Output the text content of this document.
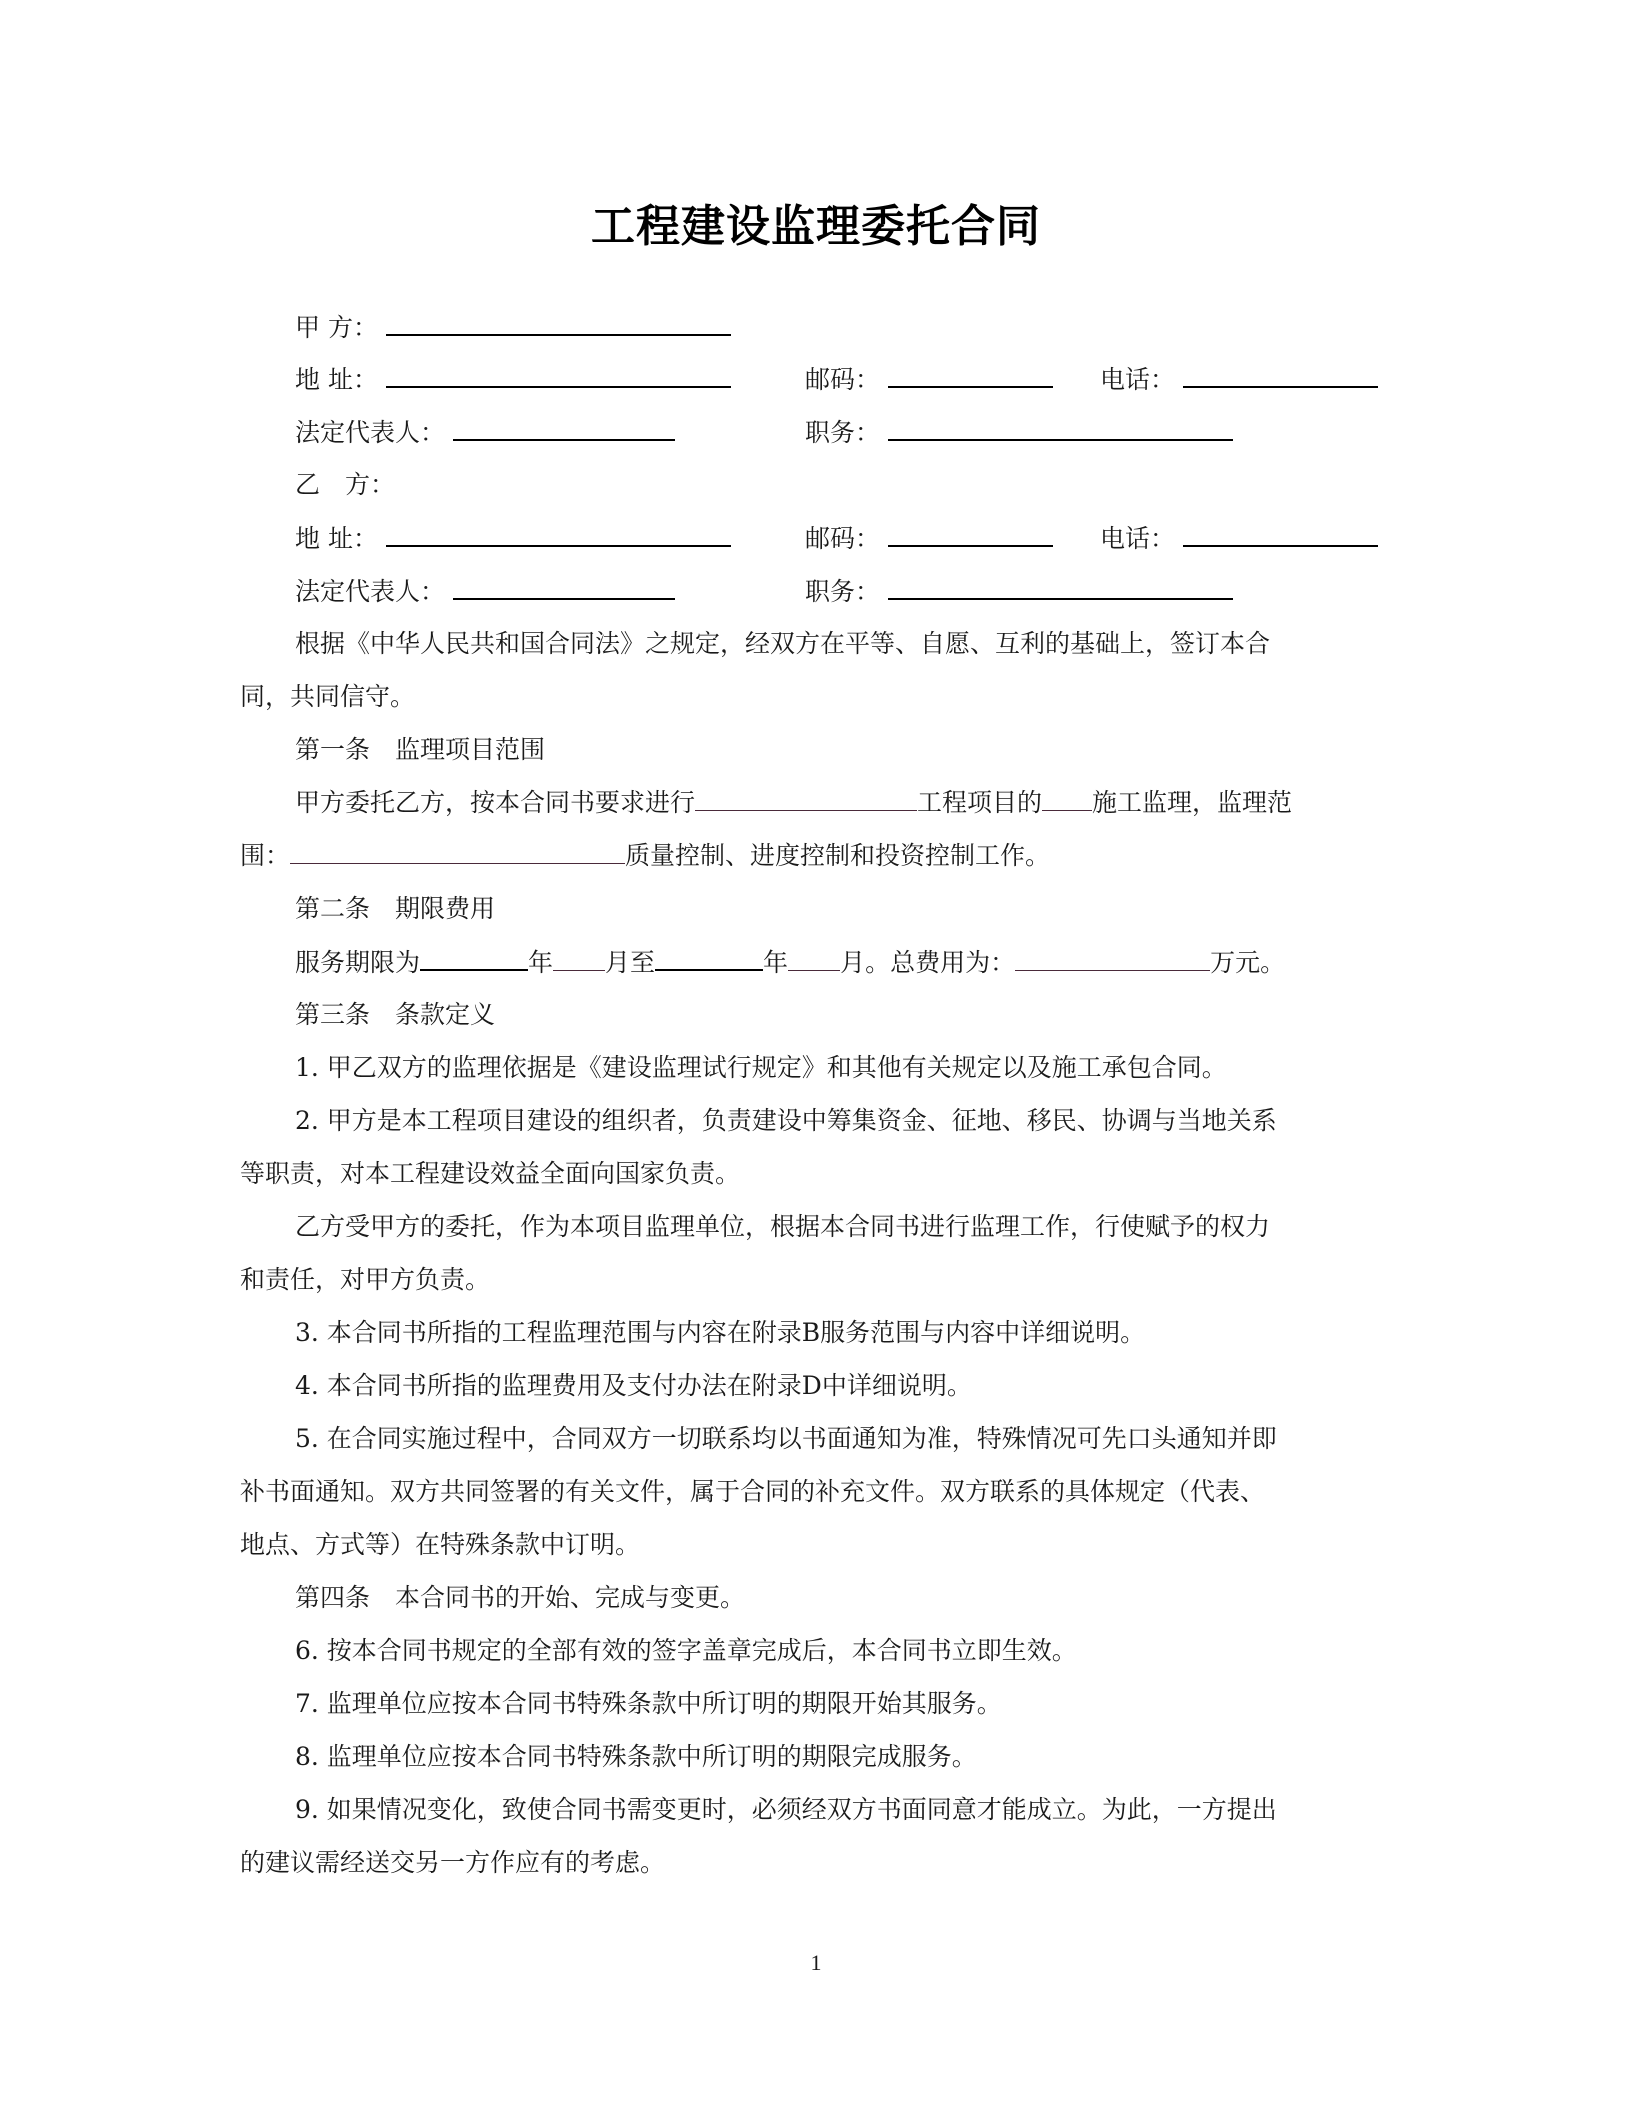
工程建设监理委托合同
甲 方：
地 址：	邮码：	电话：
法定代表人：	职务：
乙　方：
地 址：	邮码：	电话：
法定代表人：	职务：
根据《中华人民共和国合同法》之规定，经双方在平等、自愿、互利的基础上，签订本合
同，共同信守。
第一条　监理项目范围
甲方委托乙方，按本合同书要求进行	工程项目的 施工监理，监理范
围：	质量控制、进度控制和投资控制工作。
第二条　期限费用
服务期限为	年 月至	年 月。总费用为：	万元。
第三条　条款定义
1. 甲乙双方的监理依据是《建设监理试行规定》和其他有关规定以及施工承包合同。
2. 甲方是本工程项目建设的组织者，负责建设中筹集资金、征地、移民、协调与当地关系
等职责，对本工程建设效益全面向国家负责。
乙方受甲方的委托，作为本项目监理单位，根据本合同书进行监理工作，行使赋予的权力
和责任，对甲方负责。
3. 本合同书所指的工程监理范围与内容在附录B服务范围与内容中详细说明。
4. 本合同书所指的监理费用及支付办法在附录D中详细说明。
5. 在合同实施过程中，合同双方一切联系均以书面通知为准，特殊情况可先口头通知并即
补书面通知。双方共同签署的有关文件，属于合同的补充文件。双方联系的具体规定（代表、
地点、方式等）在特殊条款中订明。
第四条　本合同书的开始、完成与变更。
6. 按本合同书规定的全部有效的签字盖章完成后，本合同书立即生效。
7. 监理单位应按本合同书特殊条款中所订明的期限开始其服务。
8. 监理单位应按本合同书特殊条款中所订明的期限完成服务。
9. 如果情况变化，致使合同书需变更时，必须经双方书面同意才能成立。为此，一方提出
的建议需经送交另一方作应有的考虑。
1
